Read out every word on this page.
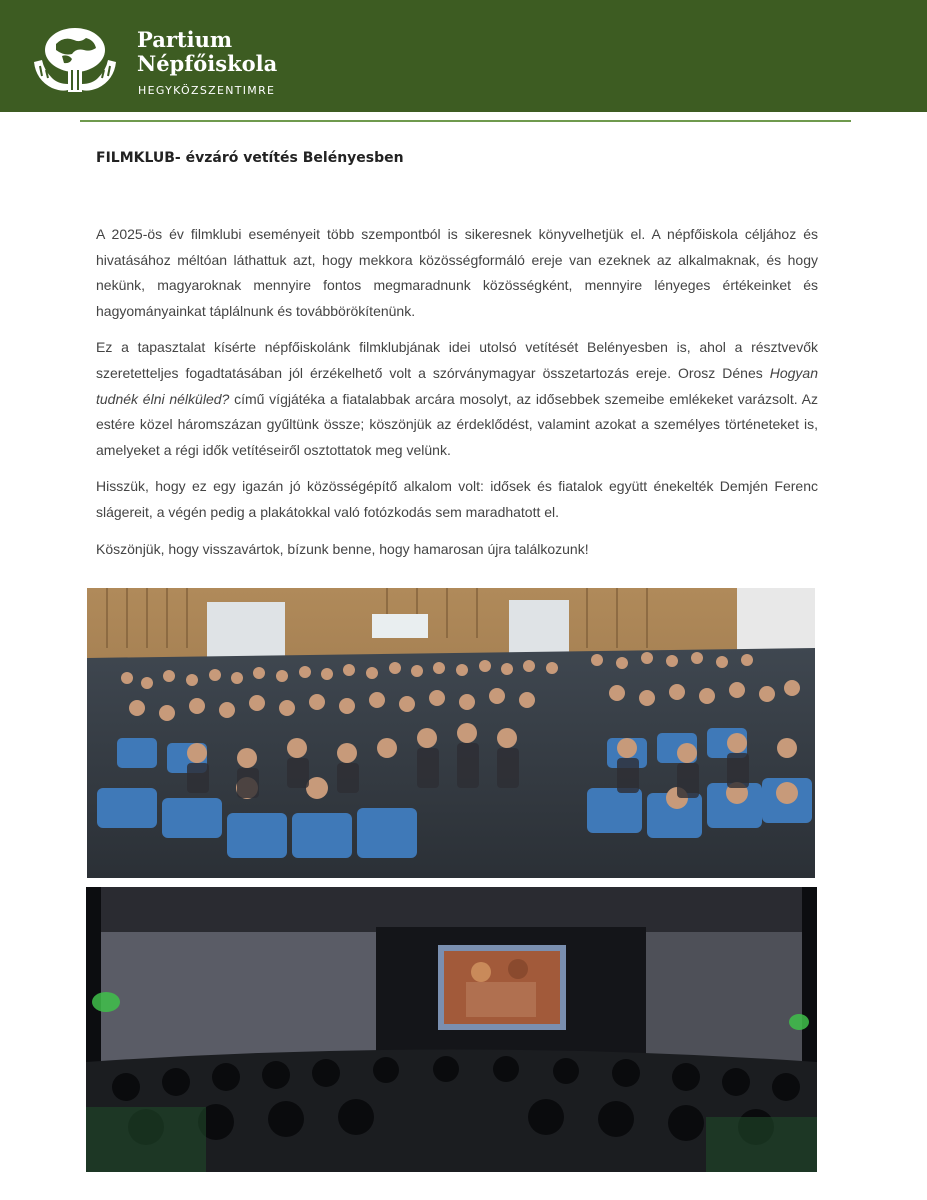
Partium
Népfőiskola
HEGYKÖZSZENTIMRE
FILMKLUB- évzáró vetítés Belényesben

A 2025-ös év filmklubi eseményeit több szempontból is sikeresnek könyvelhetjük el. A népfőiskola céljához és hivatásához méltóan láthattuk azt, hogy mekkora közösségformáló ereje van ezeknek az alkalmaknak, és hogy nekünk, magyaroknak mennyire fontos megmaradnunk közösségként, mennyire lényeges értékeinket és hagyományainkat táplálnunk és továbbörökítenünk.

Ez a tapasztalat kísérte népfőiskolánk filmklubjának idei utolsó vetítését Belényesben is, ahol a résztvevők szeretetteljes fogadtatásában jól érzékelhető volt a szórványmagyar összetartozás ereje. Orosz Dénes Hogyan tudnék élni nélküled? című vígjátéka a fiatalabbak arcára mosolyt, az idősebbek szemeibe emlékeket varázsolt. Az estére közel háromszázan gyűltünk össze; köszönjük az érdeklődést, valamint azokat a személyes történeteket is, amelyeket a régi idők vetítéseiről osztottatok meg velünk.

Hisszük, hogy ez egy igazán jó közösségépítő alkalom volt: idősek és fiatalok együtt énekelték Demjén Ferenc slágereit, a végén pedig a plakátokkal való fotózkodás sem maradhatott el.

Köszönjük, hogy visszavártok, bízunk benne, hogy hamarosan újra találkozunk!
